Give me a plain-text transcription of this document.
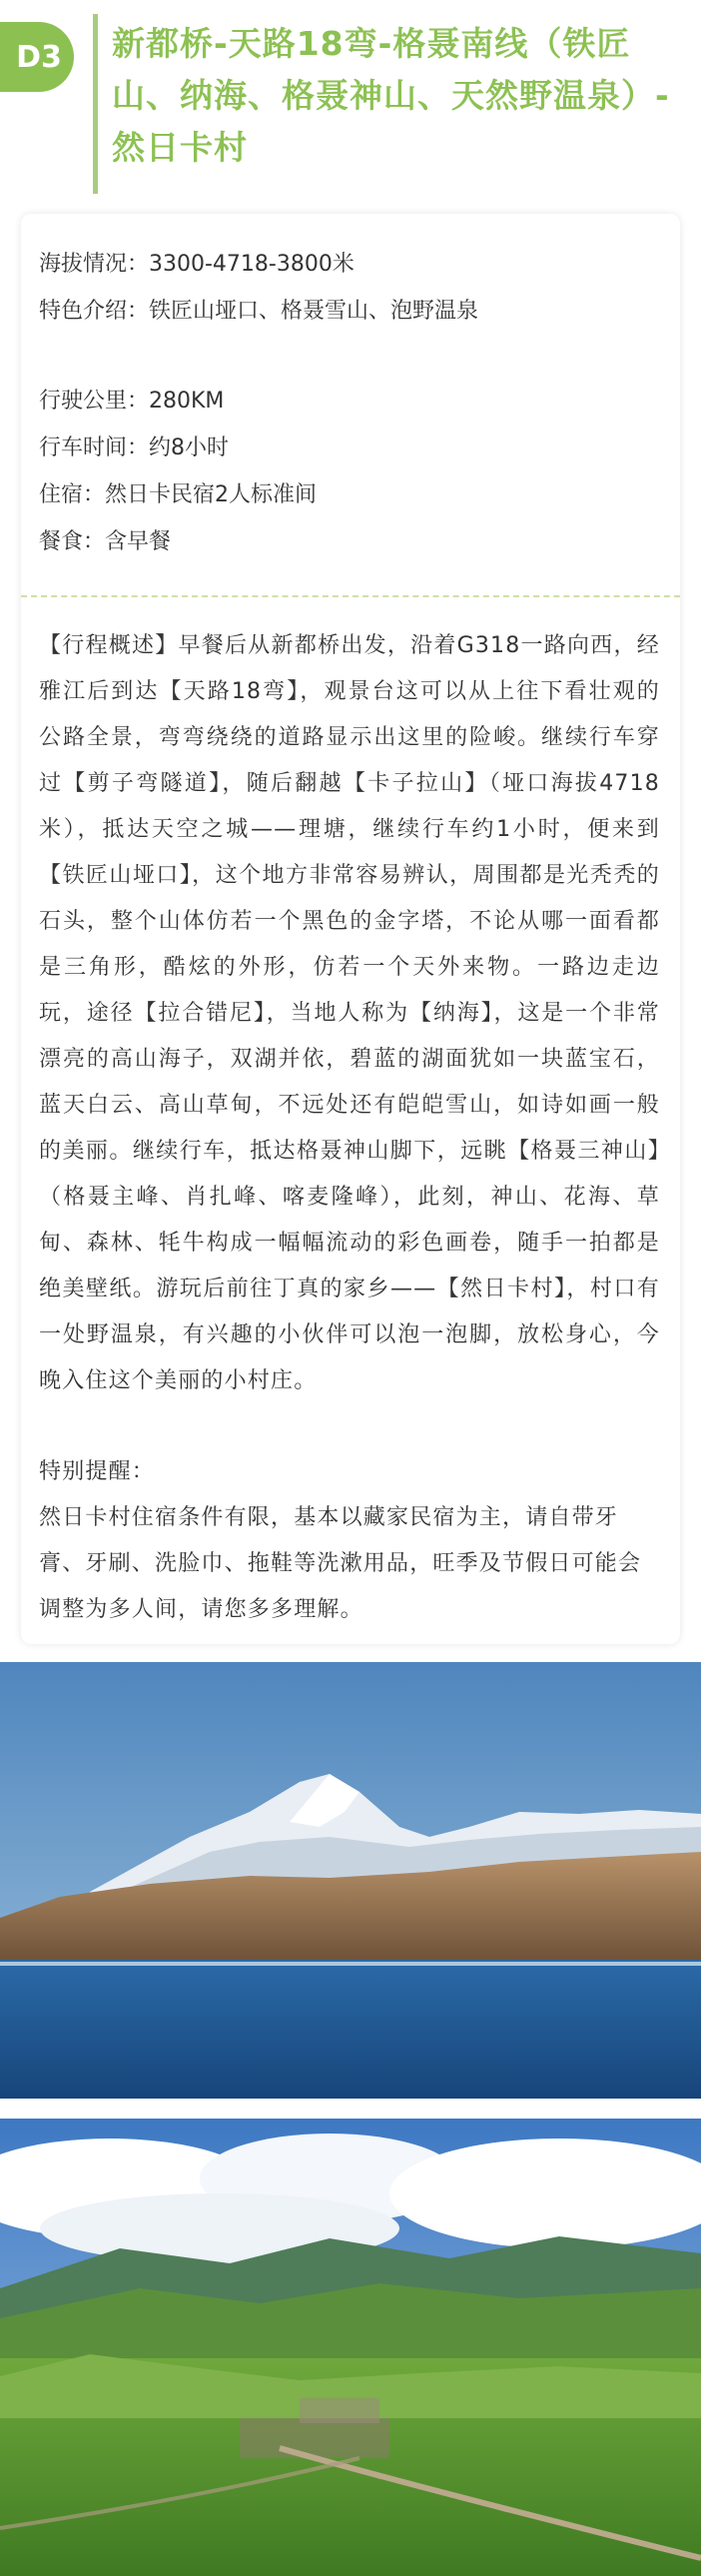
D3	新都桥-天路18弯-格聂南线（铁匠山、纳海、格聂神山、天然野温泉）-然日卡村
海拔情况：3300-4718-3800米
特色介绍：铁匠山垭口、格聂雪山、泡野温泉
行驶公里：280KM
行车时间：约8小时
住宿：然日卡民宿2人标准间
餐食：含早餐

【行程概述】早餐后从新都桥出发，沿着G318一路向西，经雅江后到达【天路18弯】，观景台这可以从上往下看壮观的公路全景，弯弯绕绕的道路显示出这里的险峻。继续行车穿过【剪子弯隧道】，随后翻越【卡子拉山】（垭口海拔4718米），抵达天空之城——理塘，继续行车约1小时，便来到【铁匠山垭口】，这个地方非常容易辨认，周围都是光秃秃的石头，整个山体仿若一个黑色的金字塔，不论从哪一面看都是三角形，酷炫的外形，仿若一个天外来物。一路边走边玩，途径【拉合错尼】，当地人称为【纳海】，这是一个非常漂亮的高山海子，双湖并依，碧蓝的湖面犹如一块蓝宝石，蓝天白云、高山草甸，不远处还有皑皑雪山，如诗如画一般的美丽。继续行车，抵达格聂神山脚下，远眺【格聂三神山】（格聂主峰、肖扎峰、喀麦隆峰），此刻，神山、花海、草甸、森林、牦牛构成一幅幅流动的彩色画卷，随手一拍都是绝美壁纸。游玩后前往丁真的家乡——【然日卡村】，村口有一处野温泉，有兴趣的小伙伴可以泡一泡脚，放松身心，今晚入住这个美丽的小村庄。

特别提醒：
然日卡村住宿条件有限，基本以藏家民宿为主，请自带牙膏、牙刷、洗脸巾、拖鞋等洗漱用品，旺季及节假日可能会调整为多人间，请您多多理解。
